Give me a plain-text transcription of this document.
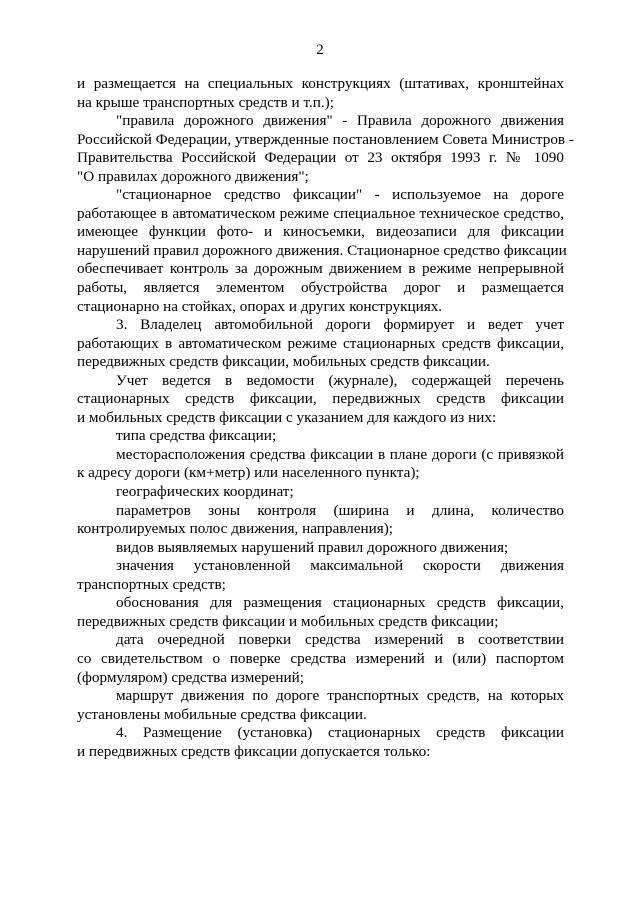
2
и размещается на специальных конструкциях (штативах, кронштейнах
на крыше транспортных средств и т.п.);
"правила дорожного движения" - Правила дорожного движения
Российской Федерации, утвержденные постановлением Совета Министров -
Правительства Российской Федерации от 23 октября 1993 г. № 1090
"О правилах дорожного движения";
"стационарное средство фиксации" - используемое на дороге
работающее в автоматическом режиме специальное техническое средство,
имеющее функции фото- и киносъемки, видеозаписи для фиксации
нарушений правил дорожного движения. Стационарное средство фиксации
обеспечивает контроль за дорожным движением в режиме непрерывной
работы, является элементом обустройства дорог и размещается
стационарно на стойках, опорах и других конструкциях.
3. Владелец автомобильной дороги формирует и ведет учет
работающих в автоматическом режиме стационарных средств фиксации,
передвижных средств фиксации, мобильных средств фиксации.
Учет ведется в ведомости (журнале), содержащей перечень
стационарных средств фиксации, передвижных средств фиксации
и мобильных средств фиксации с указанием для каждого из них:
типа средства фиксации;
месторасположения средства фиксации в плане дороги (с привязкой
к адресу дороги (км+метр) или населенного пункта);
географических координат;
параметров зоны контроля (ширина и длина, количество
контролируемых полос движения, направления);
видов выявляемых нарушений правил дорожного движения;
значения установленной максимальной скорости движения
транспортных средств;
обоснования для размещения стационарных средств фиксации,
передвижных средств фиксации и мобильных средств фиксации;
дата очередной поверки средства измерений в соответствии
со свидетельством о поверке средства измерений и (или) паспортом
(формуляром) средства измерений;
маршрут движения по дороге транспортных средств, на которых
установлены мобильные средства фиксации.
4. Размещение (установка) стационарных средств фиксации
и передвижных средств фиксации допускается только:
